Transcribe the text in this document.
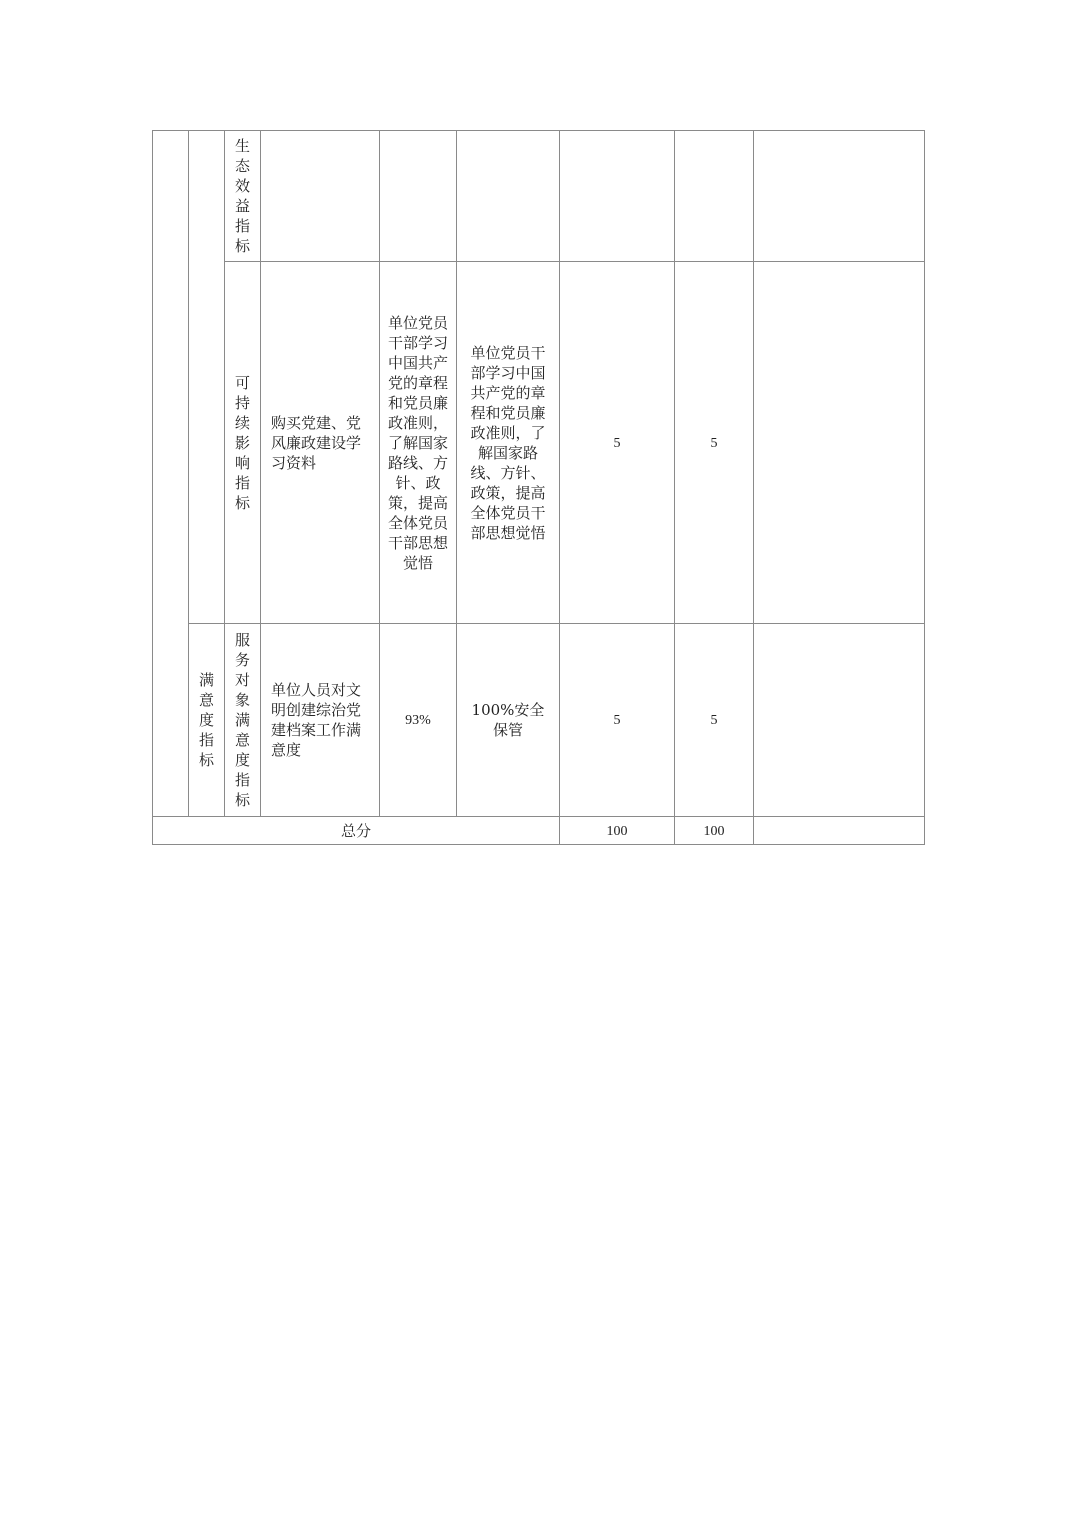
		生态效益指标						
		可持续影响指标	购买党建、党风廉政建设学习资料	单位党员干部学习中国共产党的章程和党员廉政准则，了解国家路线、方针、政策，提高全体党员干部思想觉悟	单位党员干部学习中国共产党的章程和党员廉政准则，了解国家路线、方针、政策，提高全体党员干部思想觉悟	5	5	
	满意度指标	服务对象满意度指标	单位人员对文明创建综治党建档案工作满意度	93%	100%安全保管	5	5	
总分						100	100	
